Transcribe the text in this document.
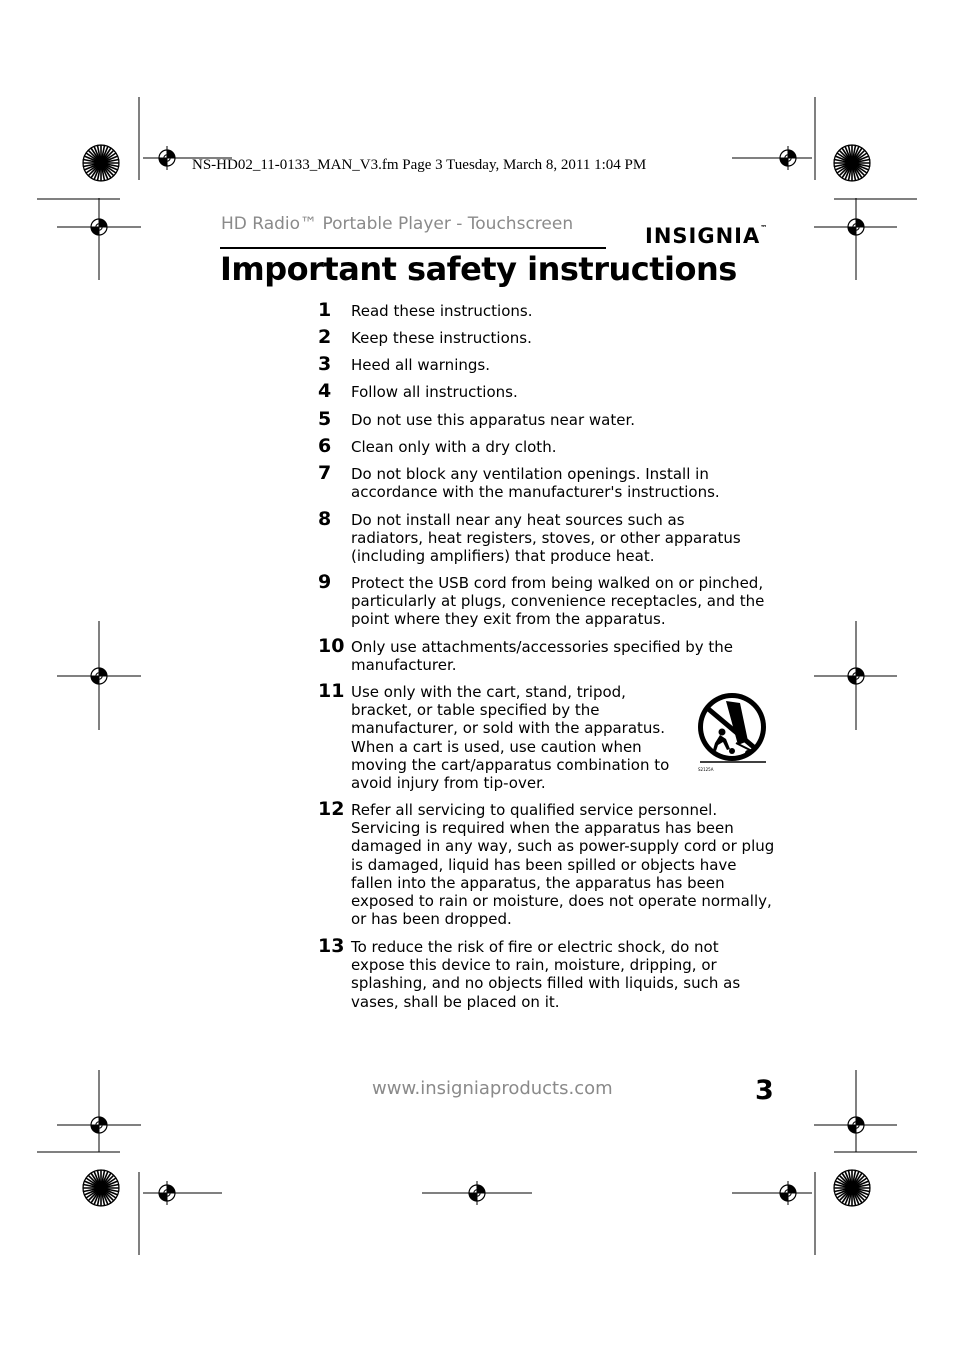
NS-HD02_11-0133_MAN_V3.fm Page 3 Tuesday, March 8, 2011 1:04 PM
HD Radio™ Portable Player - Touchscreen	INSIGNIA™
Important safety instructions
1 Read these instructions.
2 Keep these instructions.
3 Heed all warnings.
4 Follow all instructions.
5 Do not use this apparatus near water.
6 Clean only with a dry cloth.
7 Do not block any ventilation openings. Install in accordance with the manufacturer's instructions.
8 Do not install near any heat sources such as radiators, heat registers, stoves, or other apparatus (including amplifiers) that produce heat.
9 Protect the USB cord from being walked on or pinched, particularly at plugs, convenience receptacles, and the point where they exit from the apparatus.
10 Only use attachments/accessories specified by the manufacturer.
11 Use only with the cart, stand, tripod, bracket, or table specified by the manufacturer, or sold with the apparatus. When a cart is used, use caution when moving the cart/apparatus combination to avoid injury from tip-over.
12 Refer all servicing to qualified service personnel. Servicing is required when the apparatus has been damaged in any way, such as power-supply cord or plug is damaged, liquid has been spilled or objects have fallen into the apparatus, the apparatus has been exposed to rain or moisture, does not operate normally, or has been dropped.
13 To reduce the risk of fire or electric shock, do not expose this device to rain, moisture, dripping, or splashing, and no objects filled with liquids, such as vases, shall be placed on it.
S2125A
www.insigniaproducts.com	3
